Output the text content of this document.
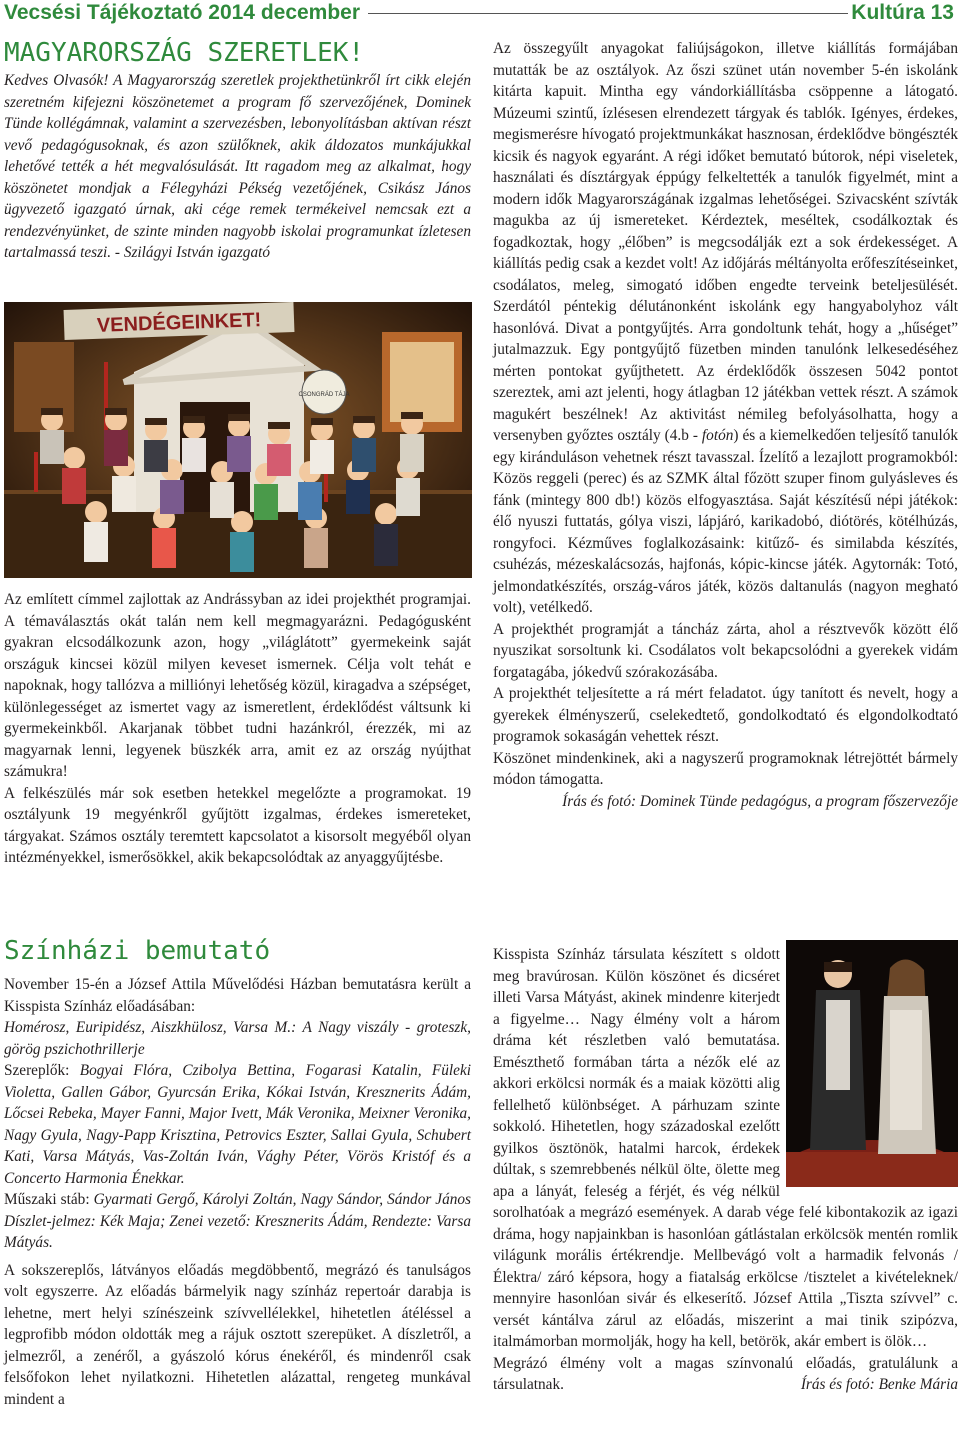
Vecsési Tájékoztató 2014 december	Kultúra 13
MAGYARORSZÁG SZERETLEK!

Kedves Olvasók! A Magyarország szeretlek projekthetünkről írt cikk elején szeretném kifejezni köszönetemet a program fő szervezőjének, Dominek Tünde kollégámnak, valamint a szervezésben, lebonyolításban aktívan részt vevő pedagógusoknak, és azon szülőknek, akik áldozatos munkájukkal lehetővé tették a hét megvalósulását. Itt ragadom meg az alkalmat, hogy köszönetet mondjak a Félegyházi Pékség vezetőjének, Csikász János ügyvezető igazgató úrnak, aki cége remek termékeivel nemcsak ezt a rendezvényünket, de szinte minden nagyobb iskolai programunkat ízletesen tartalmassá teszi. - Szilágyi István igazgató

VENDÉGEINKET!
CSONGRÁD TÁJA

Az említett címmel zajlottak az Andrássyban az idei projekthét programjai. A témaválasztás okát talán nem kell megmagyarázni. Pedagógusként gyakran elcsodálkozunk azon, hogy „világlátott” gyermekeink saját országuk kincsei közül milyen keveset ismernek. Célja volt tehát e napoknak, hogy tallózva a milliónyi lehetőség közül, kiragadva a szépséget, különlegességet az ismertet vagy az ismeretlent, érdeklődést váltsunk ki gyermekeinkből. Akarjanak többet tudni hazánkról, érezzék, mi az magyarnak lenni, legyenek büszkék arra, amit ez az ország nyújthat számukra!

A felkészülés már sok esetben hetekkel megelőzte a programokat. 19 osztályunk 19 megyénkről gyűjtött izgalmas, érdekes ismereteket, tárgyakat. Számos osztály teremtett kapcsolatot a kisorsolt megyéből olyan intézményekkel, ismerősökkel, akik bekapcsolódtak az anyaggyűjtésbe.

Az összegyűlt anyagokat faliújságokon, illetve kiállítás formájában mutatták be az osztályok. Az őszi szünet után november 5-én iskolánk kitárta kapuit. Mintha egy vándorkiállításba csöppenne a látogató. Múzeumi szintű, ízlésesen elrendezett tárgyak és tablók. Igényes, érdekes, megismerésre hívogató projektmunkákat hasznosan, érdeklődve böngészték kicsik és nagyok egyaránt. A régi időket bemutató bútorok, népi viseletek, használati és dísztárgyak éppúgy felkeltették a tanulók figyelmét, mint a modern idők Magyarországának izgalmas lehetőségei. Szivacsként szívták magukba az új ismereteket. Kérdeztek, meséltek, csodálkoztak és fogadkoztak, hogy „élőben” is megcsodálják ezt a sok érdekességet. A kiállítás pedig csak a kezdet volt! Az időjárás méltányolta erőfeszítéseinket, csodálatos, meleg, simogató időben engedte terveink beteljesülését. Szerdától péntekig délutánonként iskolánk egy hangyabolyhoz vált hasonlóvá. Divat a pontgyűjtés. Arra gondoltunk tehát, hogy a „hűséget” jutalmazzuk. Egy pontgyűjtő füzetben minden tanulónk lelkesedéséhez mérten pontokat gyűjthetett. Az érdeklődők összesen 5042 pontot szereztek, ami azt jelenti, hogy átlagban 12 játékban vettek részt. A számok magukért beszélnek! Az aktivitást némileg befolyásolhatta, hogy a versenyben győztes osztály (4.b - fotón) és a kiemelkedően teljesítő tanulók egy kiránduláson vehetnek részt tavasszal. Ízelítő a lezajlott programokból: Közös reggeli (perec) és az SZMK által főzött szuper finom gulyásleves és fánk (mintegy 800 db!) közös elfogyasztása. Saját készítésű népi játékok: élő nyuszi futtatás, gólya viszi, lápjáró, karikadobó, diótörés, kötélhúzás, rongyfoci. Kézműves foglalkozásaink: kitűző- és similabda készítés, csuhézás, mézeskalácsozás, hajfonás, kópic-kincse játék. Agytornák: Totó, jelmondatkészítés, ország-város játék, közös daltanulás (nagyon megható volt), vetélkedő.

A projekthét programját a táncház zárta, ahol a résztvevők között élő nyuszikat sorsoltunk ki. Csodálatos volt bekapcsolódni a gyerekek vidám forgatagába, jókedvű szórakozásába.

A projekthét teljesítette a rá mért feladatot. úgy tanított és nevelt, hogy a gyerekek élményszerű, cselekedtető, gondolkodtató és elgondolkodtató programok sokaságán vehettek részt.

Köszönet mindenkinek, aki a nagyszerű programoknak létrejöttét bármely módon támogatta.

Írás és fotó: Dominek Tünde pedagógus, a program főszervezője

Színházi bemutató

November 15-én a József Attila Művelődési Házban bemutatásra került a Kisspista Színház előadásában:

Homérosz, Euripidész, Aiszkhülosz, Varsa M.: A Nagy viszály - groteszk, görög pszichothrillerje

Szereplők: Bogyai Flóra, Czibolya Bettina, Fogarasi Katalin, Füleki Violetta, Gallen Gábor, Gyurcsán Erika, Kókai István, Kresznerits Ádám, Lőcsei Rebeka, Mayer Fanni, Major Ivett, Mák Veronika, Meixner Veronika, Nagy Gyula, Nagy-Papp Krisztina, Petrovics Eszter, Sallai Gyula, Schubert Kati, Varsa Mátyás, Vas-Zoltán Iván, Vághy Péter, Vörös Kristóf és a Concerto Harmonia Énekkar.

Műszaki stáb: Gyarmati Gergő, Károlyi Zoltán, Nagy Sándor, Sándor János Díszlet-jelmez: Kék Maja; Zenei vezető: Kresznerits Ádám, Rendezte: Varsa Mátyás.

A sokszereplős, látványos előadás megdöbbentő, megrázó és tanulságos volt egyszerre. Az előadás bármelyik nagy színház repertoár darabja is lehetne, mert helyi színészeink szívvellélekkel, hihetetlen átéléssel a legprofibb módon oldották meg a rájuk osztott szerepüket. A díszletről, a jelmezről, a zenéről, a gyászoló kórus énekéről, és mindenről csak felsőfokon lehet nyilatkozni. Hihetetlen alázattal, rengeteg munkával mindent a

Kisspista Színház társulata készített s oldott meg bravúrosan. Külön köszönet és dicséret illeti Varsa Mátyást, akinek mindenre kiterjedt a figyelme… Nagy élmény volt a három dráma két részletben való bemutatása. Emészthető formában tárta a nézők elé az akkori erkölcsi normák és a maiak közötti alig fellelhető különbséget. A párhuzam szinte sokkoló. Hihetetlen, hogy századoskal ezelőtt gyilkos ösztönök, hatalmi harcok, érdekek dúltak, s szemrebbenés nélkül ölte, ölette meg apa a lányát, feleség a férjét, és vég nélkül sorolhatóak a megrázó események. A darab vége felé kibontakozik az igazi dráma, hogy napjainkban is hasonlóan gátlástalan erkölcsök mentén romlik világunk morális értékrendje. Mellbevágó volt a harmadik felvonás /Élektra/ záró képsora, hogy a fiatalság erkölcse /tisztelet a kivételeknek/ mennyire hasonlóan sivár és elkeserítő. József Attila „Tiszta szívvel” c. versét kántálva zárul az előadás, miszerint a mai tinik szipózva, italmámorban mormolják, hogy ha kell, betörök, akár embert is ölök…

Megrázó élmény volt a magas színvonalú előadás, gratulálunk a társulatnak.	Írás és fotó: Benke Mária
